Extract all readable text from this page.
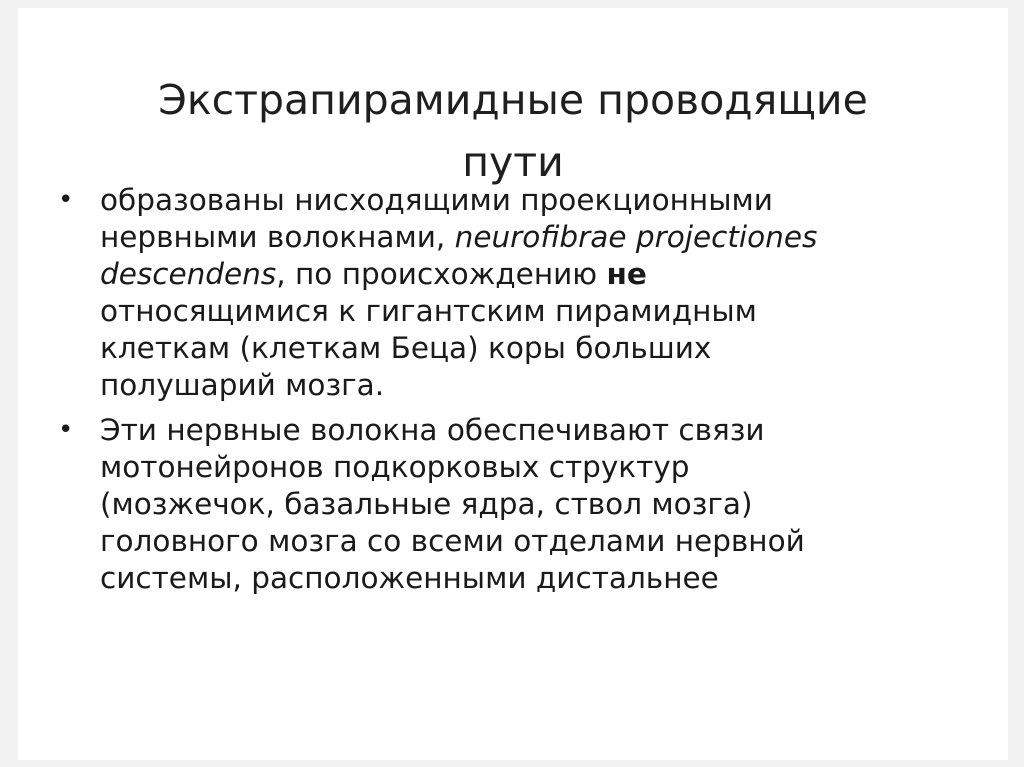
Экстрапирамидные проводящие
пути
• образованы нисходящими проекционными
нервными волокнами, neurofibrae projectiones
descendens, по происхождению не
относящимися к гигантским пирамидным
клеткам (клеткам Беца) коры больших
полушарий мозга.
• Эти нервные волокна обеспечивают связи
мотонейронов подкорковых структур
(мозжечок, базальные ядра, ствол мозга)
головного мозга со всеми отделами нервной
системы, расположенными дистальнее
